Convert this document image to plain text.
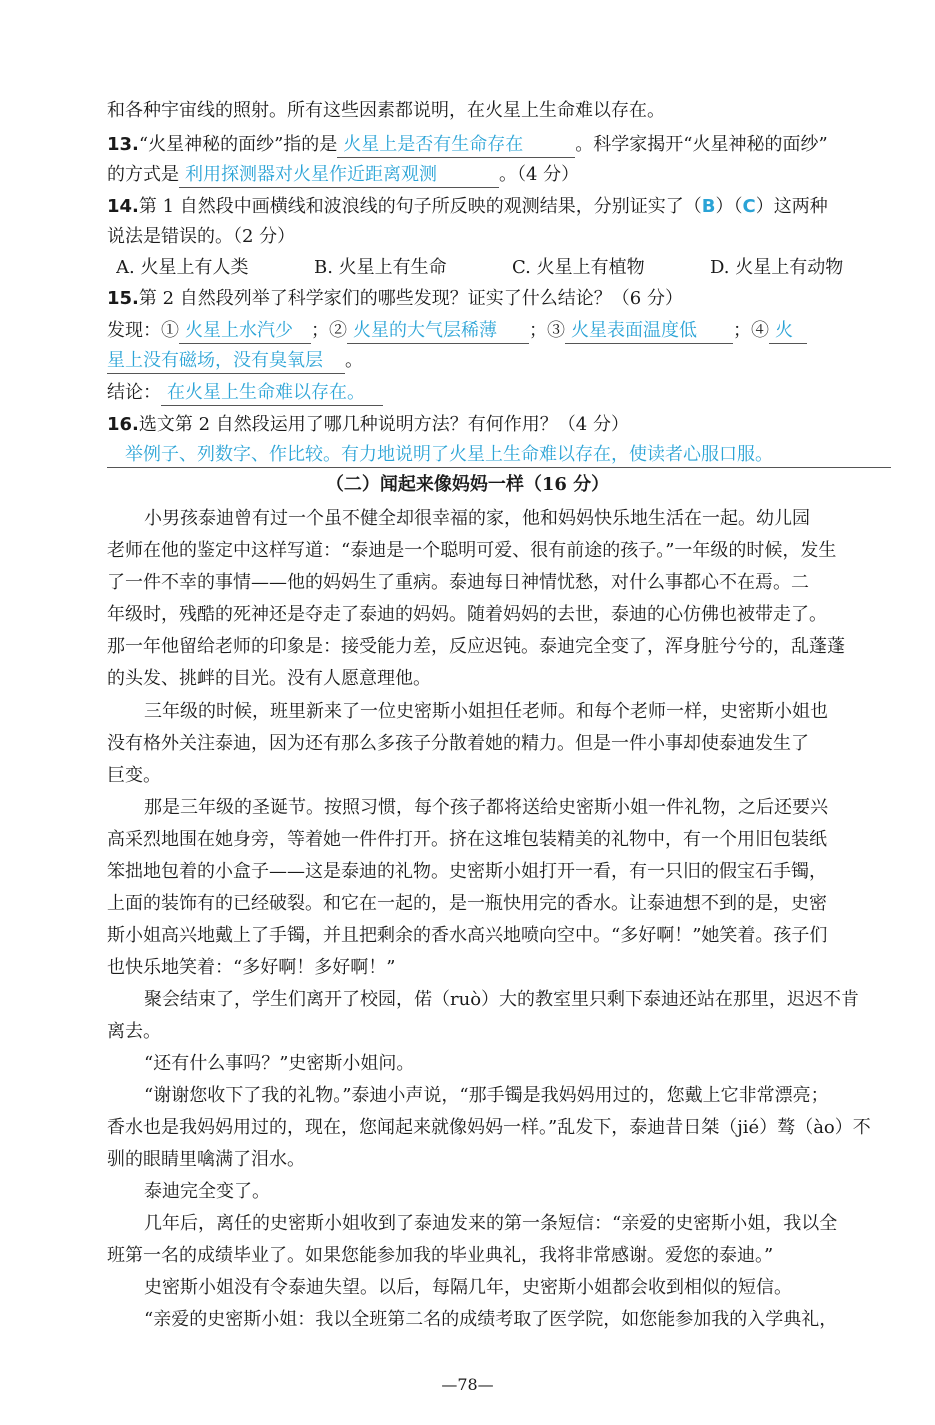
和各种宇宙线的照射。所有这些因素都说明，在火星上生命难以存在。
13.“火星神秘的面纱”指的是 火星上是否有生命存在	。科学家揭开“火星神秘的面纱”
的方式是 利用探测器对火星作近距离观测	。（4 分）
14.第 1 自然段中画横线和波浪线的句子所反映的观测结果，分别证实了（B）（C）这两种
说法是错误的。（2 分）
A. 火星上有人类	B. 火星上有生命	C. 火星上有植物	D. 火星上有动物
15.第 2 自然段列举了科学家们的哪些发现？证实了什么结论？（6 分）
发现：① 火星上水汽少 ；② 火星的大气层稀薄 ；③ 火星表面温度低 ；④ 火
星上没有磁场，没有臭氧层 。
结论： 在火星上生命难以存在。
16.选文第 2 自然段运用了哪几种说明方法？有何作用？（4 分）
举例子、列数字、作比较。有力地说明了火星上生命难以存在，使读者心服口服。
（二）闻起来像妈妈一样（16 分）
小男孩泰迪曾有过一个虽不健全却很幸福的家，他和妈妈快乐地生活在一起。幼儿园
老师在他的鉴定中这样写道：“泰迪是一个聪明可爱、很有前途的孩子。”一年级的时候，发生
了一件不幸的事情——他的妈妈生了重病。泰迪每日神情忧愁，对什么事都心不在焉。二
年级时，残酷的死神还是夺走了泰迪的妈妈。随着妈妈的去世，泰迪的心仿佛也被带走了。
那一年他留给老师的印象是：接受能力差，反应迟钝。泰迪完全变了，浑身脏兮兮的，乱蓬蓬
的头发、挑衅的目光。没有人愿意理他。
三年级的时候，班里新来了一位史密斯小姐担任老师。和每个老师一样，史密斯小姐也
没有格外关注泰迪，因为还有那么多孩子分散着她的精力。但是一件小事却使泰迪发生了
巨变。
那是三年级的圣诞节。按照习惯，每个孩子都将送给史密斯小姐一件礼物，之后还要兴
高采烈地围在她身旁，等着她一件件打开。挤在这堆包装精美的礼物中，有一个用旧包装纸
笨拙地包着的小盒子——这是泰迪的礼物。史密斯小姐打开一看，有一只旧的假宝石手镯，
上面的装饰有的已经破裂。和它在一起的，是一瓶快用完的香水。让泰迪想不到的是，史密
斯小姐高兴地戴上了手镯，并且把剩余的香水高兴地喷向空中。“多好啊！”她笑着。孩子们
也快乐地笑着：“多好啊！多好啊！”
聚会结束了，学生们离开了校园，偌（ruò）大的教室里只剩下泰迪还站在那里，迟迟不肯
离去。
“还有什么事吗？”史密斯小姐问。
“谢谢您收下了我的礼物。”泰迪小声说，“那手镯是我妈妈用过的，您戴上它非常漂亮；
香水也是我妈妈用过的，现在，您闻起来就像妈妈一样。”乱发下，泰迪昔日桀（jié）骜（ào）不
驯的眼睛里噙满了泪水。
泰迪完全变了。
几年后，离任的史密斯小姐收到了泰迪发来的第一条短信：“亲爱的史密斯小姐，我以全
班第一名的成绩毕业了。如果您能参加我的毕业典礼，我将非常感谢。爱您的泰迪。”
史密斯小姐没有令泰迪失望。以后，每隔几年，史密斯小姐都会收到相似的短信。
“亲爱的史密斯小姐：我以全班第二名的成绩考取了医学院，如您能参加我的入学典礼，
—78—
